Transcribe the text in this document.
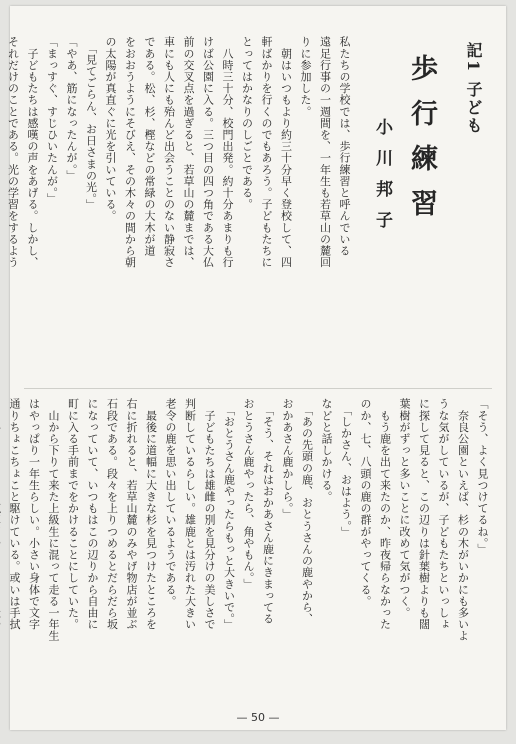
記1 子ども
歩行練習
小川邦子
私たちの学校では、歩行練習と呼んでいる
遠足行事の一週間を、一年生も若草山の麓回
りに参加した。
　朝はいつもより約三十分早く登校して、四
軒ばかりを行くのでもあろう。子どもたちに
とってはかなりのしごとである。
　八時三十分、校門出発。約十分あまりも行
けば公園に入る。三つ目の四つ角である大仏
前の交叉点を過ぎると、若草山の麓までは、
車にも人にも殆んど出会うことのない静寂さ
である。松、杉、樫などの常緑の大木が道
をおおうようにそびえ、その木々の間から朝
の太陽が真直ぐに光を引いている。
　「見てごらん、お日さまの光。」
「やあ、筋になったんが。」
「まっすぐ、すじひいたんが。」
　子どもたちは感嘆の声をあげる。しかし、
それだけのことである。光の学習をするよう
「そう、よく見つけてるね。」
　奈良公園といえば、杉の木がいかにも多いよ
うな気がしているが、子どもたちといっしょ
に探して見ると、この辺りは針葉樹よりも闊
葉樹がずっと多いことに改めて気がつく。
　もう鹿を出て来たのか、昨夜帰らなかった
のか、七、八頭の鹿の群がやってくる。
　「しかさん、おはよう。」
などと話しかける。
　「あの先頭の鹿、おとうさんの鹿やから、
おかあさん鹿かしら。」
　「そう、それはおかあさん鹿にきまってる
おとうさん鹿やったら、角やもん。」
　「おとうさん鹿やったらもっと大きいで。」
　子どもたちは雄雌の別を見分けの美しさで
判断しているらしい。雄鹿とは汚れた大きい
老令の鹿を思い出しているようである。
　最後に道幅に大きな杉を見つけたところを
右に折れると、若草山麓のみやげ物店が並ぶ
石段である。段々を上りつめるとだらだら坂
になっていて、いつもはこの辺りから自由に
町に入る手前までをかけることにしていた。
　山から下りて来た上級生に混って走る一年生
はやっぱり一年生らしい。小さい身体で文字
通りちょこちょこと駆けている。或いは手拭
— 50 —
